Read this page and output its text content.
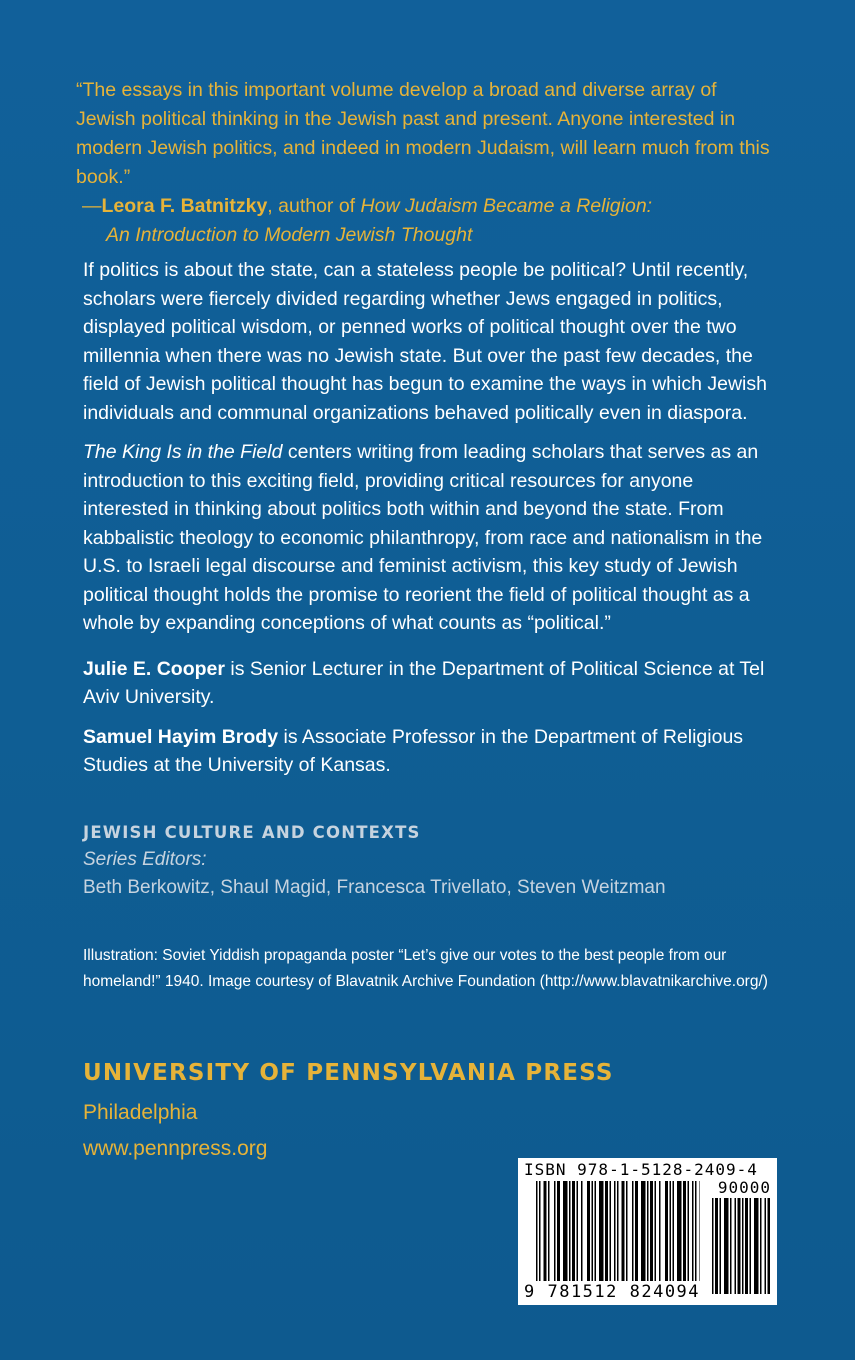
“The essays in this important volume develop a broad and diverse array of Jewish political thinking in the Jewish past and present. Anyone interested in modern Jewish politics, and indeed in modern Judaism, will learn much from this book.”

—Leora F. Batnitzky, author of How Judaism Became a Religion:
An Introduction to Modern Jewish Thought

If politics is about the state, can a stateless people be political? Until recently, scholars were fiercely divided regarding whether Jews engaged in politics, displayed political wisdom, or penned works of political thought over the two millennia when there was no Jewish state. But over the past few decades, the field of Jewish political thought has begun to examine the ways in which Jewish individuals and communal organizations behaved politically even in diaspora.

The King Is in the Field centers writing from leading scholars that serves as an introduction to this exciting field, providing critical resources for anyone interested in thinking about politics both within and beyond the state. From kabbalistic theology to economic philanthropy, from race and nationalism in the U.S. to Israeli legal discourse and feminist activism, this key study of Jewish political thought holds the promise to reorient the field of political thought as a whole by expanding conceptions of what counts as “political.”

Julie E. Cooper is Senior Lecturer in the Department of Political Science at Tel Aviv University.

Samuel Hayim Brody is Associate Professor in the Department of Religious Studies at the University of Kansas.

JEWISH CULTURE AND CONTEXTS
Series Editors:
Beth Berkowitz, Shaul Magid, Francesca Trivellato, Steven Weitzman
Illustration: Soviet Yiddish propaganda poster “Let’s give our votes to the best people from our homeland!” 1940. Image courtesy of Blavatnik Archive Foundation (http://www.blavatnikarchive.org/)
UNIVERSITY OF PENNSYLVANIA PRESS
Philadelphia
www.pennpress.org
ISBN 978-1-5128-2409-4
90000
9 781512 824094
